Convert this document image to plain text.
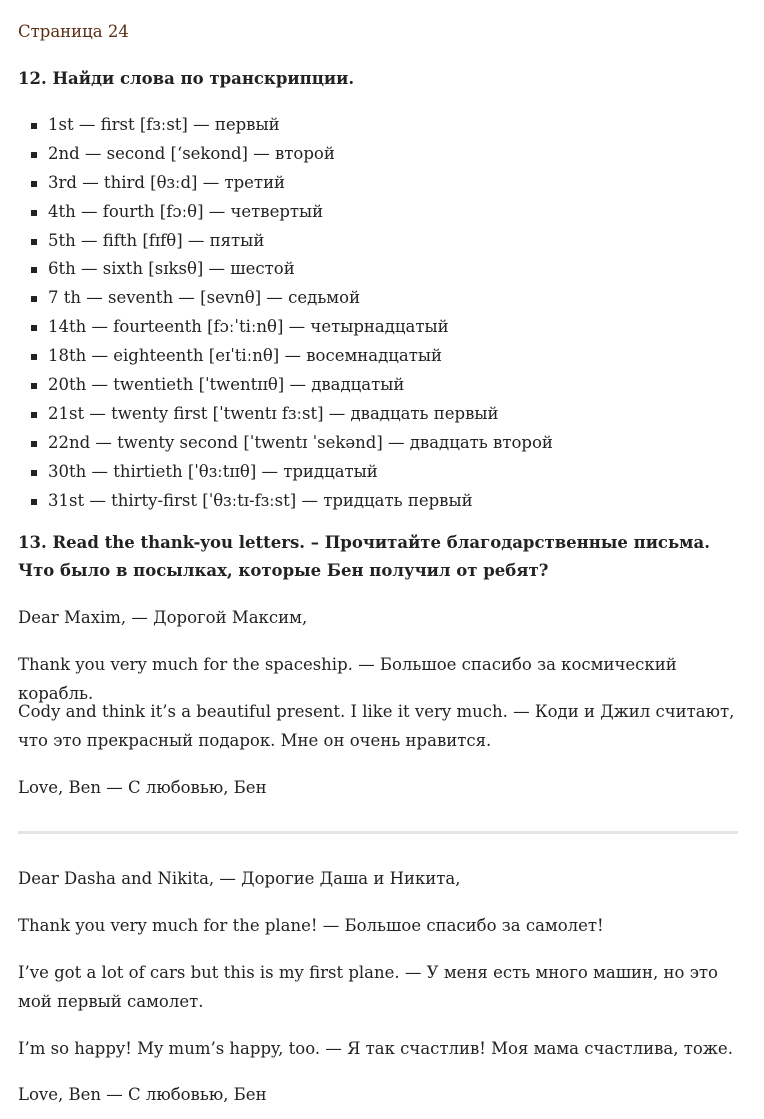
Страница 24

12. Найди слова по транскрипции.
1st — first [fɜːst] — первый
2nd — second [‘sekond] — второй
3rd — third [θɜːd] — третий
4th — fourth [fɔːθ] — четвертый
5th — fifth [fɪfθ] — пятый
6th — sixth [sɪksθ] — шестой
7 th — seventh — [sevnθ] — седьмой
14th — fourteenth [fɔːˈtiːnθ] — четырнадцатый
18th — eighteenth [eɪˈtiːnθ] — восемнадцатый
20th — twentieth [ˈtwentɪɪθ] — двадцатый
21st — twenty first [ˈtwentɪ fɜːst] — двадцать первый
22nd — twenty second [ˈtwentɪ ˈsekənd] — двадцать второй
30th — thirtieth [ˈθɜːtɪɪθ] — тридцатый
31st — thirty-first [ˈθɜːtɪ-fɜːst] — тридцать первый
13. Read the thank-you letters. – Прочитайте благодарственные письма. Что было в посылках, которые Бен получил от ребят?

Dear Maxim, — Дорогой Максим,

Thank you very much for the spaceship. — Большое спасибо за космический корабль.

Cody and think it’s a beautiful present. I like it very much. — Коди и Джил считают, что это прекрасный подарок. Мне он очень нравится.

Love, Ben — С любовью, Бен

Dear Dasha and Nikita, — Дорогие Даша и Никита,

Thank you very much for the plane! — Большое спасибо за самолет!

I’ve got a lot of cars but this is my first plane. — У меня есть много машин, но это мой первый самолет.

I’m so happy! My mum’s happy, too. — Я так счастлив! Моя мама счастлива, тоже.

Love, Ben — С любовью, Бен
